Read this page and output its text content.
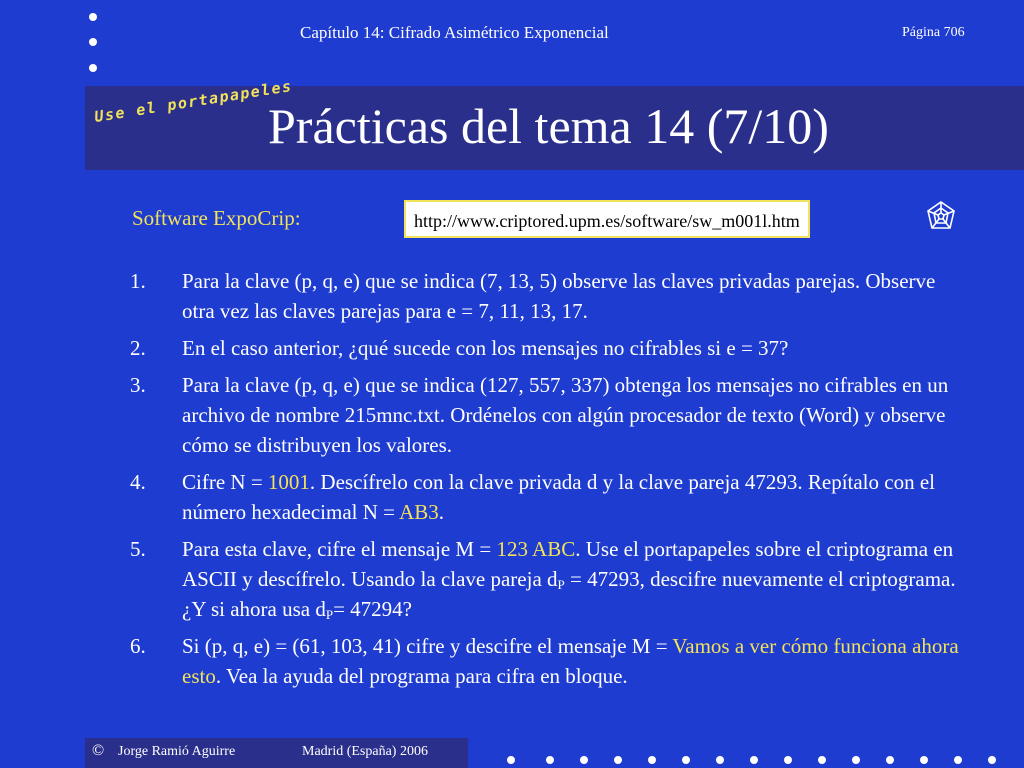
Capítulo 14: Cifrado Asimétrico Exponencial	Página 706
Use el portapapeles
Prácticas del tema 14 (7/10)
Software ExpoCrip:	http://www.criptored.upm.es/software/sw_m001l.htm
1.	Para la clave (p, q, e) que se indica (7, 13, 5) observe las claves privadas parejas. Observe otra vez las claves parejas para e = 7, 11, 13, 17.
2.	En el caso anterior, ¿qué sucede con los mensajes no cifrables si e = 37?
3.	Para la clave (p, q, e) que se indica (127, 557, 337) obtenga los mensajes no cifrables en un archivo de nombre 215mnc.txt. Ordénelos con algún procesador de texto (Word) y observe cómo se distribuyen los valores.
4.	Cifre N = 1001. Descífrelo con la clave privada d y la clave pareja 47293. Repítalo con el número hexadecimal N = AB3.
5.	Para esta clave, cifre el mensaje M = 123 ABC. Use el portapapeles sobre el criptograma en ASCII y descífrelo. Usando la clave pareja $d_P = 47293$, descifre nuevamente el criptograma. ¿Y si ahora usa $d_P= 47294$?
6.	Si (p, q, e) = (61, 103, 41) cifre y descifre el mensaje M = Vamos a ver cómo funciona ahora esto. Vea la ayuda del programa para cifra en bloque.
© Jorge Ramió Aguirre	Madrid (España) 2006
